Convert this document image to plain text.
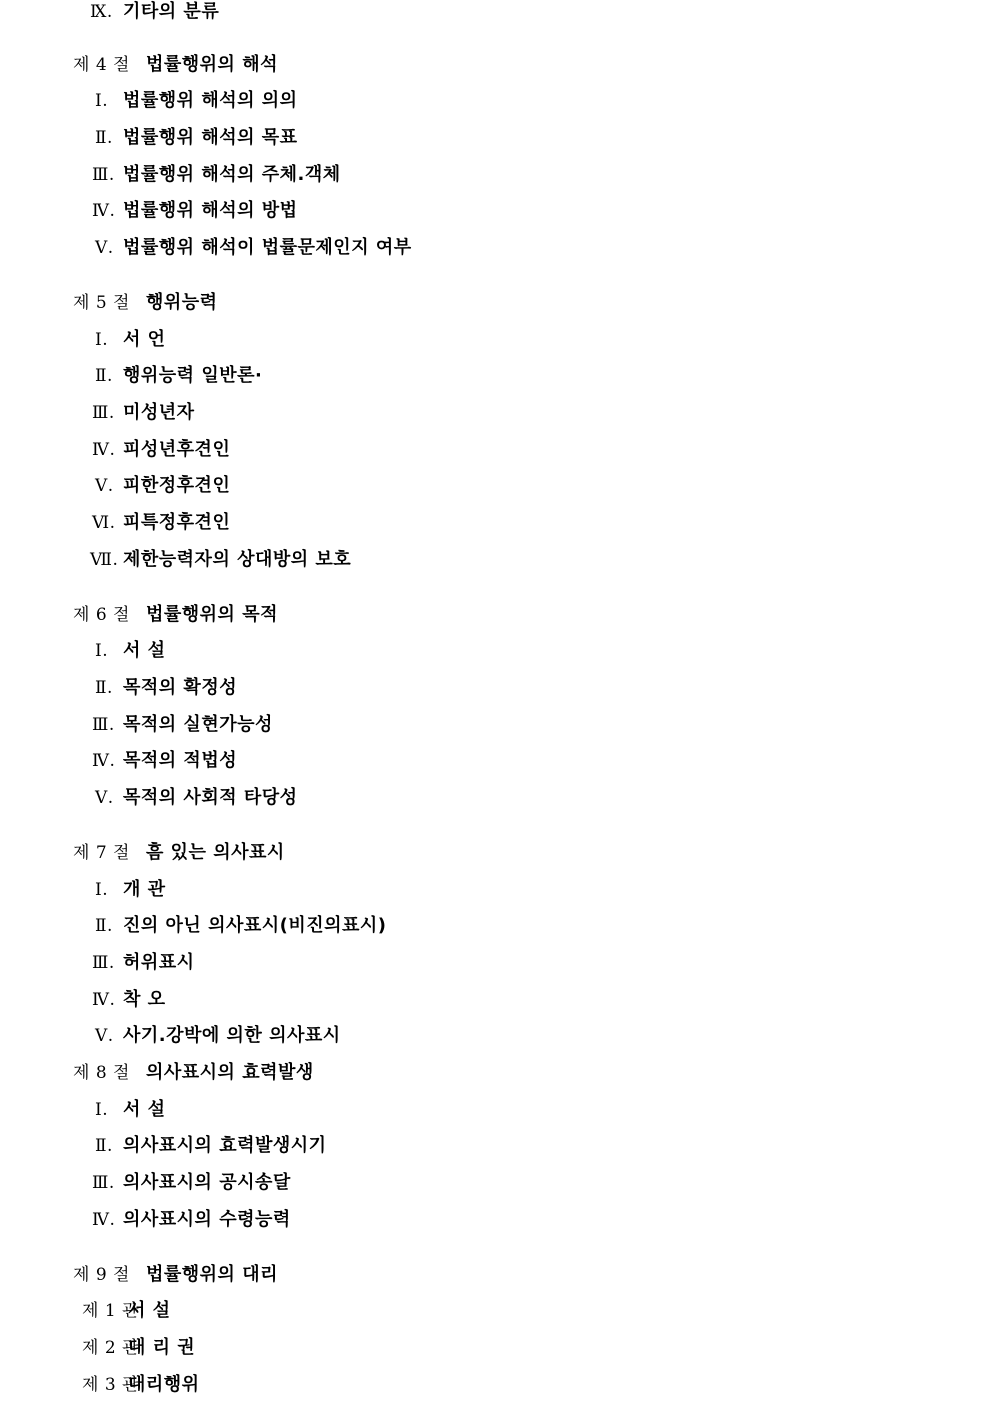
Ⅸ. 기타의 분류
제 4 절 법률행위의 해석
Ⅰ. 법률행위 해석의 의의
Ⅱ. 법률행위 해석의 목표
Ⅲ. 법률행위 해석의 주체.객체
Ⅳ. 법률행위 해석의 방법
Ⅴ. 법률행위 해석이 법률문제인지 여부
제 5 절 행위능력
Ⅰ. 서 언
Ⅱ. 행위능력 일반론·
Ⅲ. 미성년자
Ⅳ. 피성년후견인
Ⅴ. 피한정후견인
Ⅵ. 피특정후견인
Ⅶ. 제한능력자의 상대방의 보호
제 6 절 법률행위의 목적
Ⅰ. 서 설
Ⅱ. 목적의 확정성
Ⅲ. 목적의 실현가능성
Ⅳ. 목적의 적법성
Ⅴ. 목적의 사회적 타당성
제 7 절 흠 있는 의사표시
Ⅰ. 개 관
Ⅱ. 진의 아닌 의사표시(비진의표시)
Ⅲ. 허위표시
Ⅳ. 착 오
Ⅴ. 사기.강박에 의한 의사표시
제 8 절 의사표시의 효력발생
Ⅰ. 서 설
Ⅱ. 의사표시의 효력발생시기
Ⅲ. 의사표시의 공시송달
Ⅳ. 의사표시의 수령능력
제 9 절 법률행위의 대리
제 1 관
서 설
제 2 관
대 리 권
제 3 관
대리행위
